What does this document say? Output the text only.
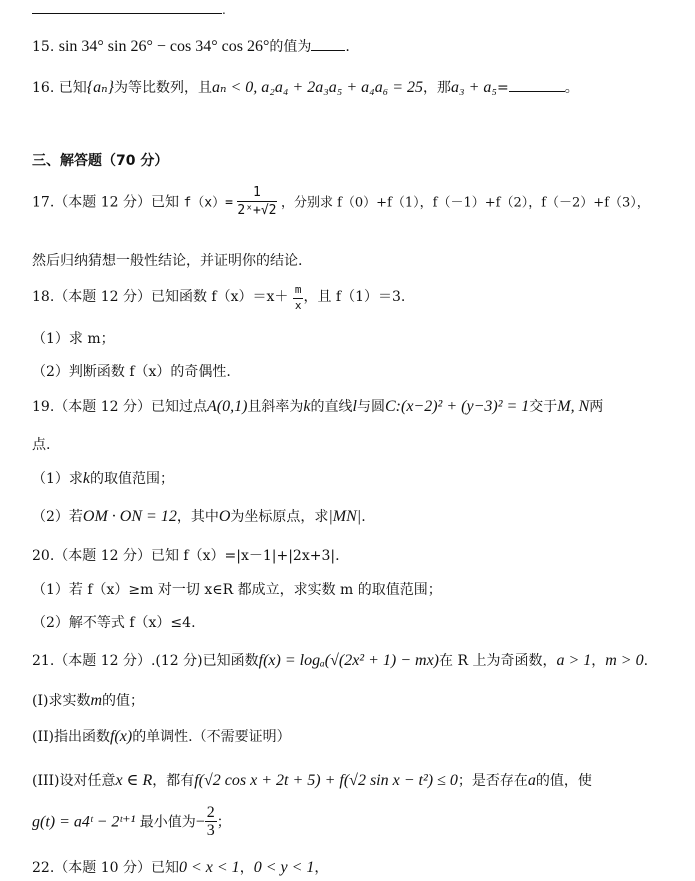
.
15. sin 34° sin 26° − cos 34° cos 26°的值为 .
16. 已知{aₙ}为等比数列，且aₙ < 0, a₂a₄ + 2a₃a₅ + a₄a₆ = 25，那a₃ + a₅=	。
三、解答题（70 分）
17.（本题 12 分）已知 $f(x)= \frac{1}{\text{2ˣ+√2}}$ ，分别求 f（0）+f（1），f（－1）+f（2），f（－2）+f（3），
然后归纳猜想一般性结论，并证明你的结论.
18.（本题 12 分）已知函数 $f(x)=x+ \frac{m}{x}$ ，且 f（1）＝3.
（1）求 m；
（2）判断函数 f（x）的奇偶性.
19.（本题 12 分）已知过点A(0,1)且斜率为k的直线l与圆C:(x−2)² + (y−3)² = 1交于M, N两
点.
（1）求k的取值范围；
（2）若OM · ON = 12，其中O为坐标原点，求|MN|.
20.（本题 12 分）已知 f（x）=|x－1|+|2x+3|.
（1）若 f（x）≥m 对一切 x∈R 都成立，求实数 m 的取值范围；
（2）解不等式 f（x）≤4.
21.（本题 12 分）.(12 分)已知函数f(x) = logₐ(√(2x² + 1) − mx)在 R 上为奇函数，a > 1，m > 0.
(I)求实数m的值；
(II)指出函数f(x)的单调性.（不需要证明）
(III)设对任意x ∈ R，都有f(√2 cos x + 2t + 5) + f(√2 sin x − t²) ≤ 0；是否存在a的值，使
g(t) = a4ᵗ − 2ᵗ⁺¹ 最小值为− $\frac{2}{3}$ ；
22.（本题 10 分）已知0 < x < 1，0 < y < 1，
